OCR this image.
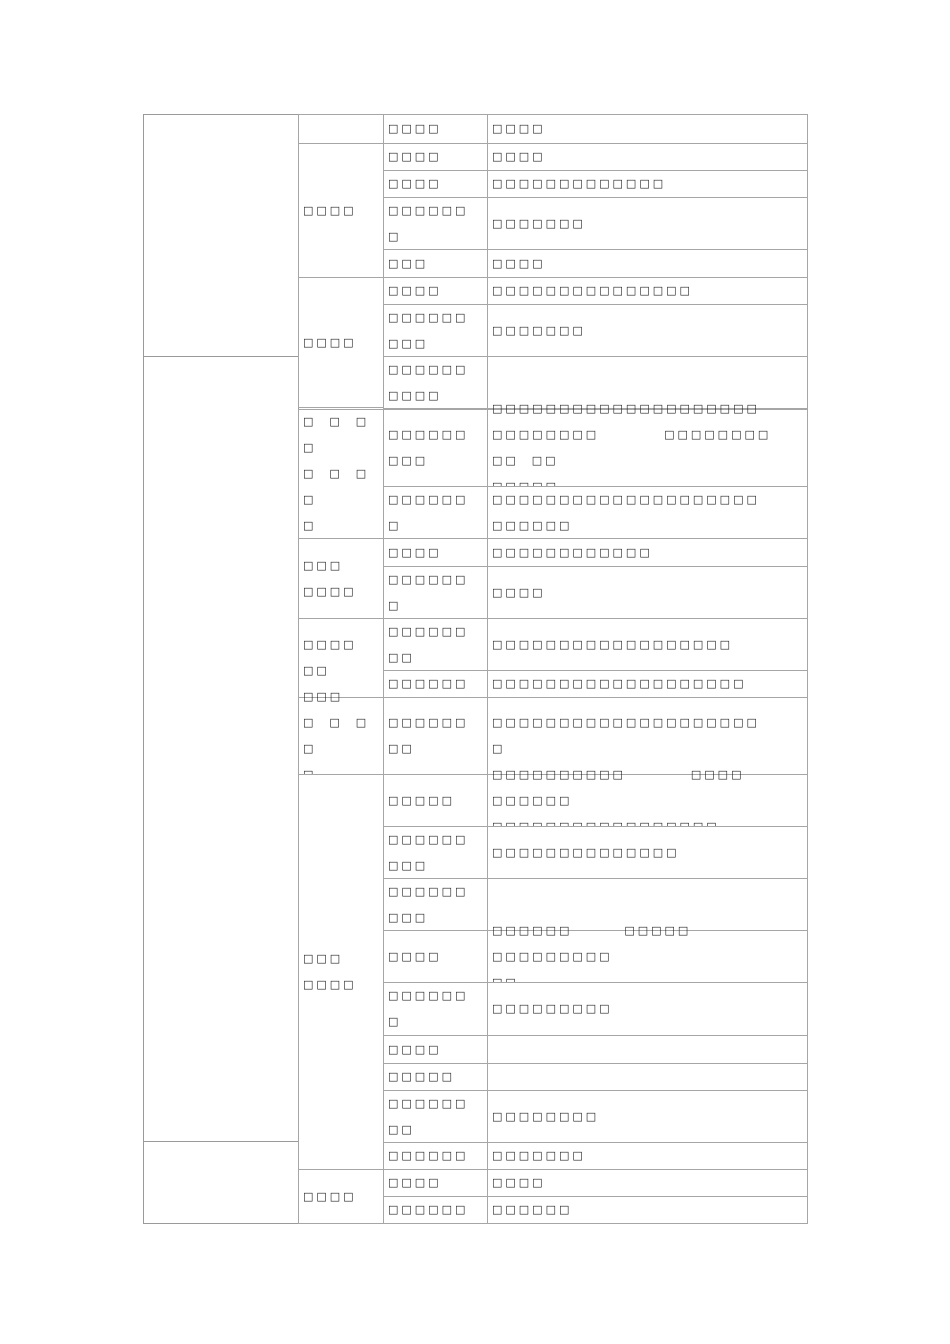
□□□□
□□□□
□  □  □  □
□  □  □  □
□
□□□
□□□□
□□□□
□□
□□□
□  □  □  □

□□□
□□□□
□□□□
□□□□
□□□□
□□□□
□□□□□□
□
□□□
□□□□
□□□□□□
□□□
□□□□□□
□□□□
□□□□□□
□□□
□□□□□□
□
□□□□
□□□□□□
□
□□□□□□
□□
□□□□□□
□□□□□□
□□
□□□□□
□□□□□□
□□□
□□□□□□
□□□
□□□□
□□□□□□
□
□□□□
□□□□□
□□□□□□
□□
□□□□□□
□□□□
□□□□□□
□□□□
□□□□
□□□□□□□□□□□□□
□□□□□□□
□□□□
□□□□□□□□□□□□□□□
□□□□□□□
□□□□□□□□□□□□□□□□□□□□
□□□□□□□□          □□□□□□□□          □□  □□

□□□□□□□□□□□□□□□□□□□□
□□□□□□
□□□□□□□□□□□□
□□□□
□□□□□□□□□□□□□□□□□□
□□□□□□□□□□□□□□□□□□□
□□□□□□□□□□□□□□□□□□□□
□
□□□□□□□□□□          □□□□      □□□□□□

□□□□□□□□□□□□□□
□□□□□□        □□□□□        □□□□□□□□□

□□□□□□□□□
□□□□□□□□
□□□□□□□
□□□□
□□□□□□
